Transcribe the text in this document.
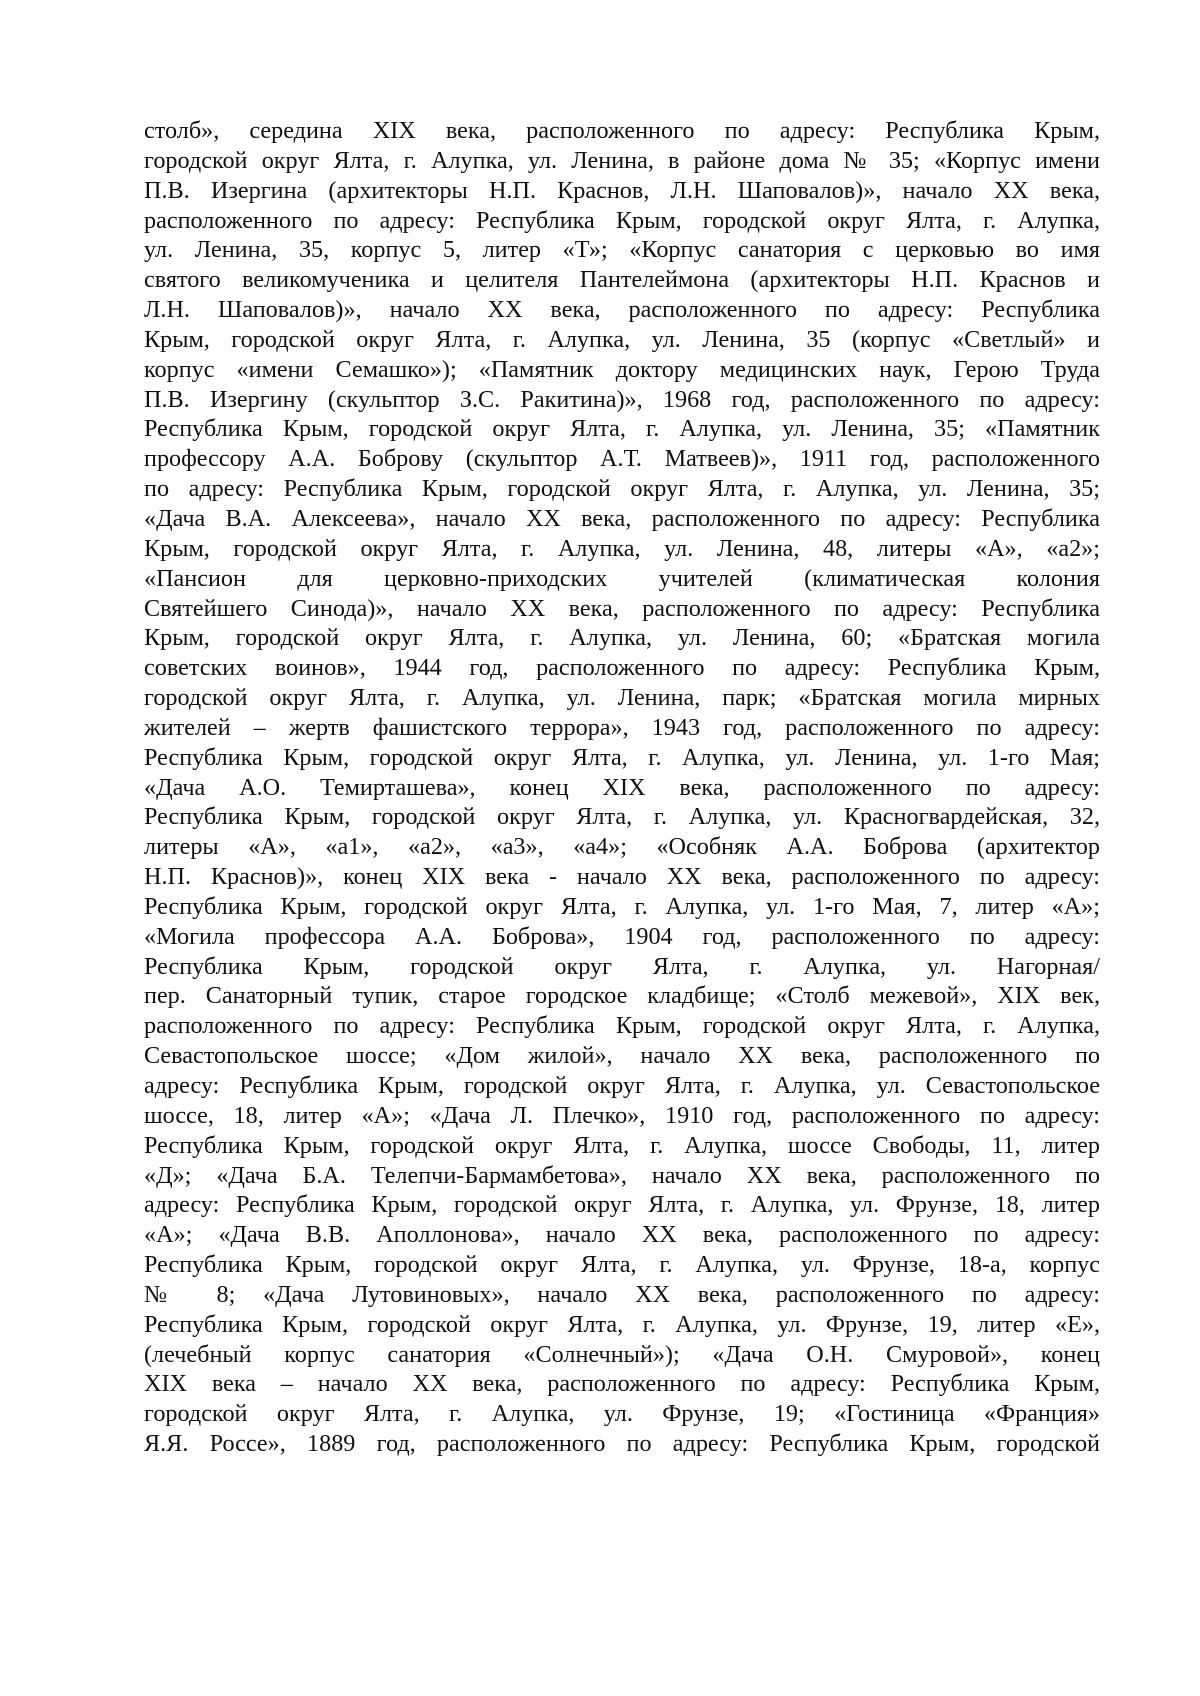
столб», середина XIX века, расположенного по адресу: Республика Крым,
городской округ Ялта, г. Алупка, ул. Ленина, в районе дома № 35; «Корпус имени
П.В. Изергина (архитекторы Н.П. Краснов, Л.Н. Шаповалов)», начало XX века,
расположенного по адресу: Республика Крым, городской округ Ялта, г. Алупка,
ул. Ленина, 35, корпус 5, литер «Т»; «Корпус санатория с церковью во имя
святого великомученика и целителя Пантелеймона (архитекторы Н.П. Краснов и
Л.Н. Шаповалов)», начало XX века, расположенного по адресу: Республика
Крым, городской округ Ялта, г. Алупка, ул. Ленина, 35 (корпус «Светлый» и
корпус «имени Семашко»); «Памятник доктору медицинских наук, Герою Труда
П.В. Изергину (скульптор З.С. Ракитина)», 1968 год, расположенного по адресу:
Республика Крым, городской округ Ялта, г. Алупка, ул. Ленина, 35; «Памятник
профессору А.А. Боброву (скульптор А.Т. Матвеев)», 1911 год, расположенного
по адресу: Республика Крым, городской округ Ялта, г. Алупка, ул. Ленина, 35;
«Дача В.А. Алексеева», начало XX века, расположенного по адресу: Республика
Крым, городской округ Ялта, г. Алупка, ул. Ленина, 48, литеры «А», «а2»;
«Пансион для церковно-приходских учителей (климатическая колония
Святейшего Синода)», начало XX века, расположенного по адресу: Республика
Крым, городской округ Ялта, г. Алупка, ул. Ленина, 60; «Братская могила
советских воинов», 1944 год, расположенного по адресу: Республика Крым,
городской округ Ялта, г. Алупка, ул. Ленина, парк; «Братская могила мирных
жителей – жертв фашистского террора», 1943 год, расположенного по адресу:
Республика Крым, городской округ Ялта, г. Алупка, ул. Ленина, ул. 1-го Мая;
«Дача А.О. Темирташева», конец XIX века, расположенного по адресу:
Республика Крым, городской округ Ялта, г. Алупка, ул. Красногвардейская, 32,
литеры «А», «а1», «а2», «а3», «а4»; «Особняк А.А. Боброва (архитектор
Н.П. Краснов)», конец XIX века - начало XX века, расположенного по адресу:
Республика Крым, городской округ Ялта, г. Алупка, ул. 1-го Мая, 7, литер «А»;
«Могила профессора А.А. Боброва», 1904 год, расположенного по адресу:
Республика Крым, городской округ Ялта, г. Алупка, ул. Нагорная/
пер. Санаторный тупик, старое городское кладбище; «Столб межевой», XIX век,
расположенного по адресу: Республика Крым, городской округ Ялта, г. Алупка,
Севастопольское шоссе; «Дом жилой», начало XX века, расположенного по
адресу: Республика Крым, городской округ Ялта, г. Алупка, ул. Севастопольское
шоссе, 18, литер «А»; «Дача Л. Плечко», 1910 год, расположенного по адресу:
Республика Крым, городской округ Ялта, г. Алупка, шоссе Свободы, 11, литер
«Д»; «Дача Б.А. Телепчи-Бармамбетова», начало XX века, расположенного по
адресу: Республика Крым, городской округ Ялта, г. Алупка, ул. Фрунзе, 18, литер
«А»; «Дача В.В. Аполлонова», начало XX века, расположенного по адресу:
Республика Крым, городской округ Ялта, г. Алупка, ул. Фрунзе, 18-а, корпус
№ 8; «Дача Лутовиновых», начало XX века, расположенного по адресу:
Республика Крым, городской округ Ялта, г. Алупка, ул. Фрунзе, 19, литер «Е»,
(лечебный корпус санатория «Солнечный»); «Дача О.Н. Смуровой», конец
XIX века – начало XX века, расположенного по адресу: Республика Крым,
городской округ Ялта, г. Алупка, ул. Фрунзе, 19; «Гостиница «Франция»
Я.Я. Россе», 1889 год, расположенного по адресу: Республика Крым, городской
